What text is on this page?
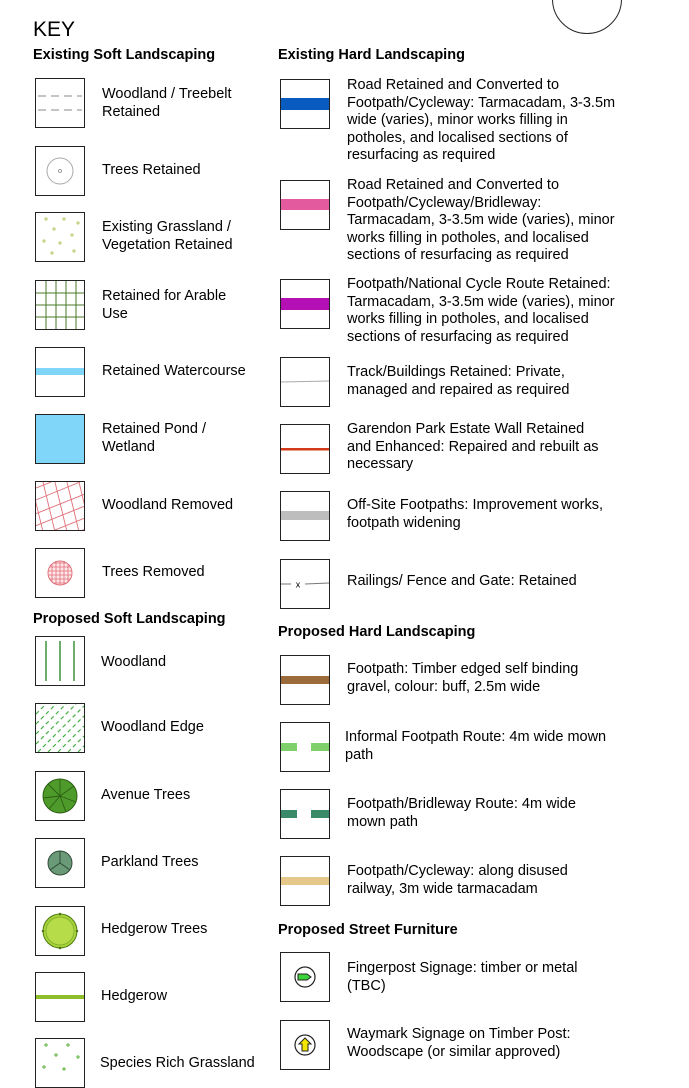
KEY
Existing Soft Landscaping
Woodland / Treebelt
Retained
Trees Retained
Existing Grassland /
Vegetation Retained
Retained for Arable
Use
Retained Watercourse
Retained Pond /
Wetland
Woodland Removed
Trees Removed
Proposed Soft Landscaping
Woodland
Woodland Edge
Avenue Trees
Parkland Trees
Hedgerow Trees
Hedgerow
Species Rich Grassland
Existing Hard Landscaping
Road Retained and Converted to
Footpath/Cycleway: Tarmacadam, 3-3.5m
wide (varies), minor works filling in
potholes, and localised sections of
resurfacing as required
Road Retained and Converted to
Footpath/Cycleway/Bridleway:
Tarmacadam, 3-3.5m wide (varies), minor
works filling in potholes, and localised
sections of resurfacing as required
Footpath/National Cycle Route Retained:
Tarmacadam, 3-3.5m wide (varies), minor
works filling in potholes, and localised
sections of resurfacing as required
Track/Buildings Retained: Private,
managed and repaired as required
Garendon Park Estate Wall Retained
and Enhanced: Repaired and rebuilt as
necessary
Off-Site Footpaths: Improvement works,
footpath widening
x	Railings/ Fence and Gate: Retained
Proposed Hard Landscaping
Footpath: Timber edged self binding
gravel, colour: buff, 2.5m wide
Informal Footpath Route: 4m wide mown
path
Footpath/Bridleway Route: 4m wide
mown path
Footpath/Cycleway: along disused
railway, 3m wide tarmacadam
Proposed Street Furniture
Fingerpost Signage: timber or metal
(TBC)
Waymark Signage on Timber Post:
Woodscape (or similar approved)
